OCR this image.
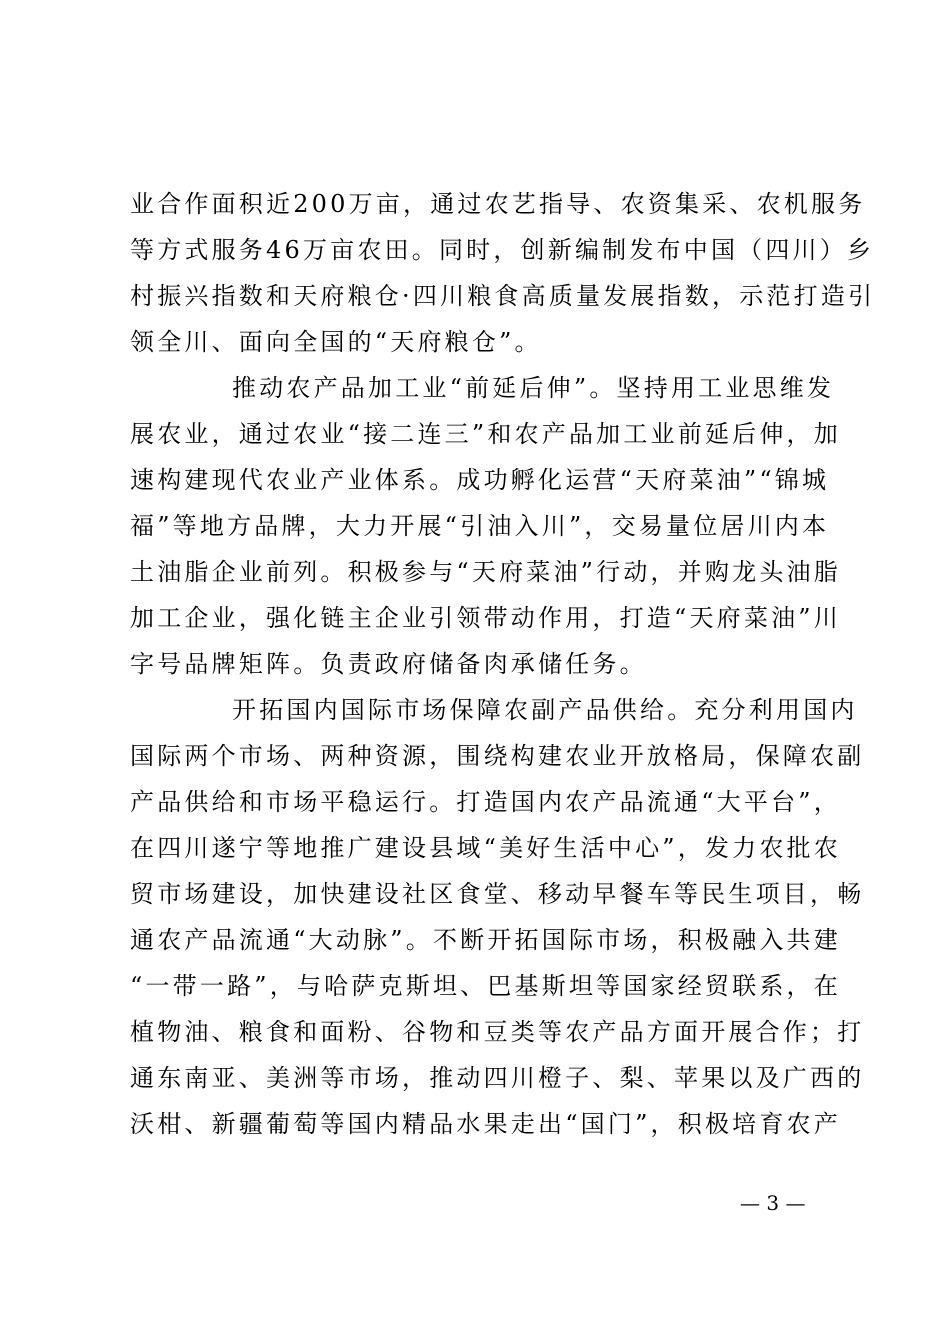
业合作面积近200万亩，通过农艺指导、农资集采、农机服务
等方式服务46万亩农田。同时，创新编制发布中国（四川）乡
村振兴指数和天府粮仓·四川粮食高质量发展指数，示范打造引
领全川、面向全国的“天府粮仓”。
推动农产品加工业“前延后伸”。坚持用工业思维发
展农业，通过农业“接二连三”和农产品加工业前延后伸，加
速构建现代农业产业体系。成功孵化运营“天府菜油”“锦城
福”等地方品牌，大力开展“引油入川”，交易量位居川内本
土油脂企业前列。积极参与“天府菜油”行动，并购龙头油脂
加工企业，强化链主企业引领带动作用，打造“天府菜油”川
字号品牌矩阵。负责政府储备肉承储任务。
开拓国内国际市场保障农副产品供给。充分利用国内
国际两个市场、两种资源，围绕构建农业开放格局，保障农副
产品供给和市场平稳运行。打造国内农产品流通“大平台”，
在四川遂宁等地推广建设县域“美好生活中心”，发力农批农
贸市场建设，加快建设社区食堂、移动早餐车等民生项目，畅
通农产品流通“大动脉”。不断开拓国际市场，积极融入共建
“一带一路”，与哈萨克斯坦、巴基斯坦等国家经贸联系，在
植物油、粮食和面粉、谷物和豆类等农产品方面开展合作；打
通东南亚、美洲等市场，推动四川橙子、梨、苹果以及广西的
沃柑、新疆葡萄等国内精品水果走出“国门”，积极培育农产
— 3 —
